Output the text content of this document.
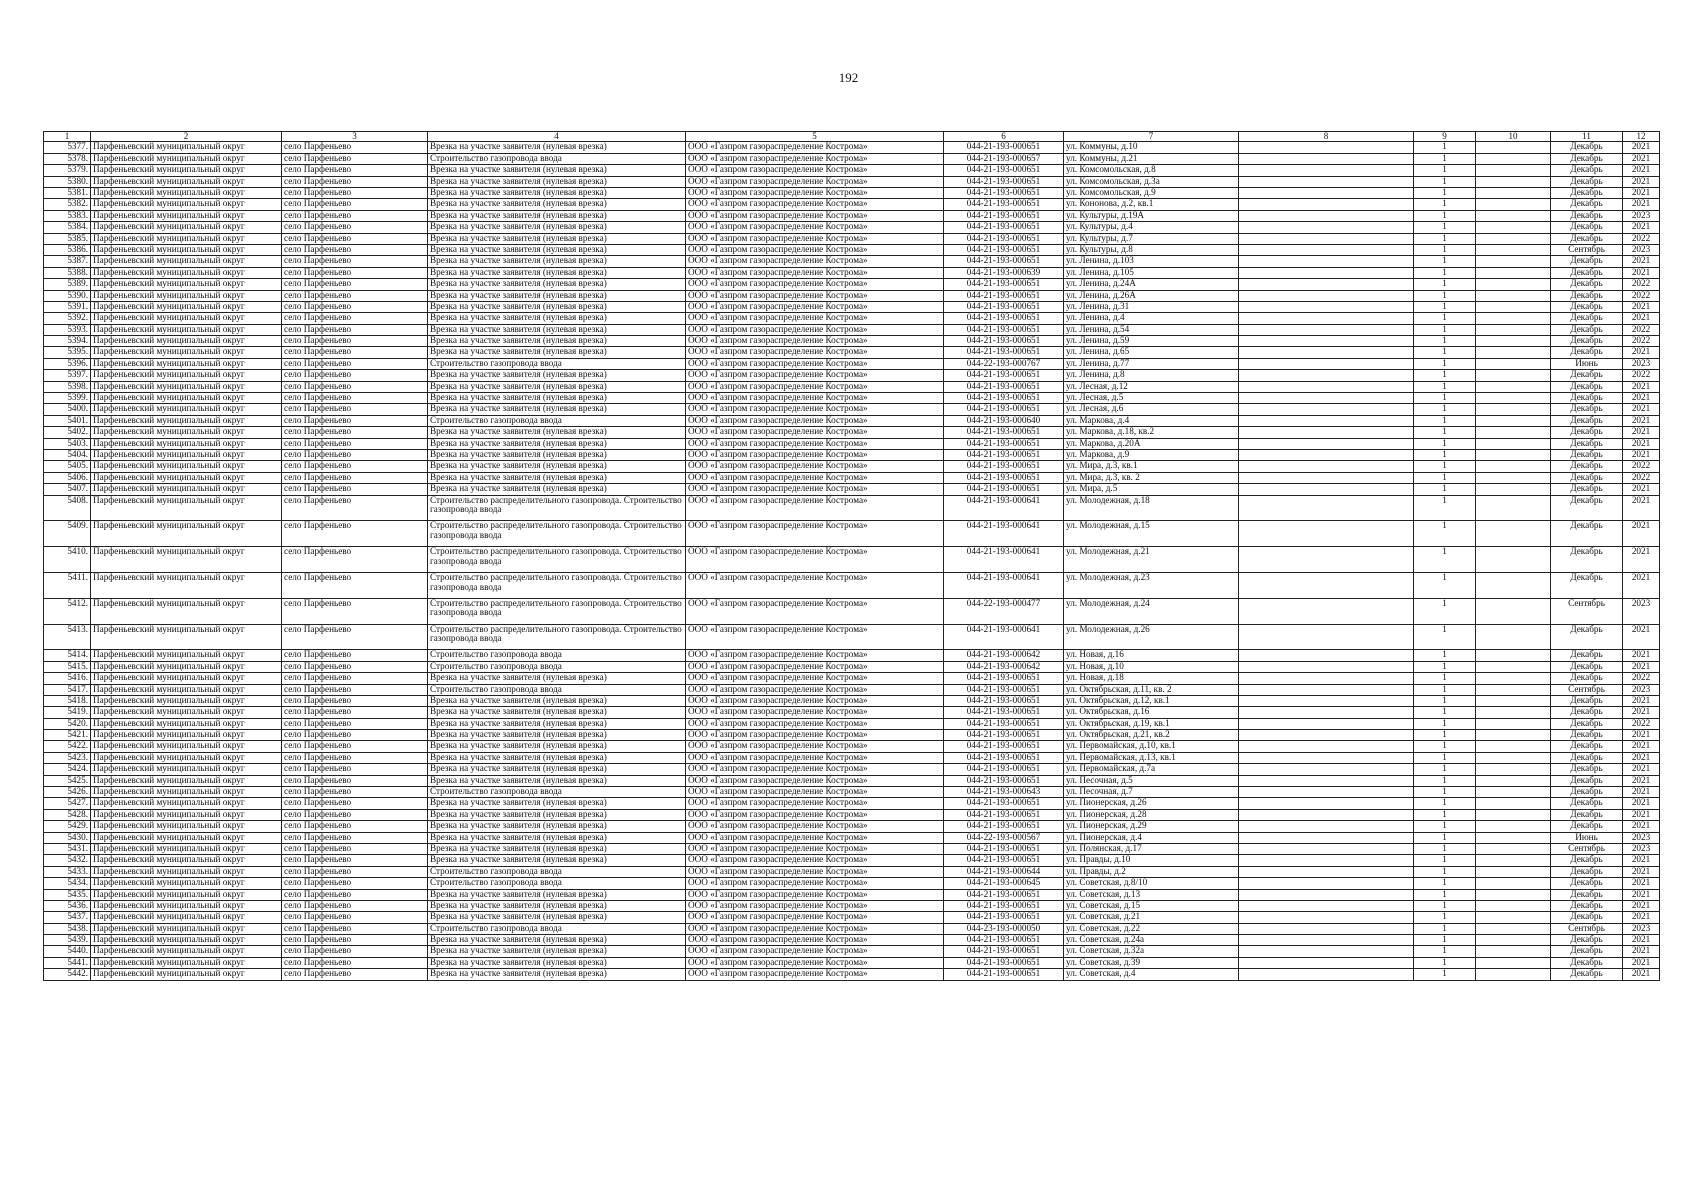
192
1	2	3	4	5	6	7	8	9	10	11	12
5377.	Парфеньевский муниципальный округ	село Парфеньево	Врезка на участке заявителя (нулевая врезка)	ООО «Газпром газораспределение Кострома»	044-21-193-000651	ул. Коммуны, д.10		1		Декабрь	2021
5378.	Парфеньевский муниципальный округ	село Парфеньево	Строительство газопровода ввода	ООО «Газпром газораспределение Кострома»	044-21-193-000657	ул. Коммуны, д.21		1		Декабрь	2021
5379.	Парфеньевский муниципальный округ	село Парфеньево	Врезка на участке заявителя (нулевая врезка)	ООО «Газпром газораспределение Кострома»	044-21-193-000651	ул. Комсомольская, д.8		1		Декабрь	2021
5380.	Парфеньевский муниципальный округ	село Парфеньево	Врезка на участке заявителя (нулевая врезка)	ООО «Газпром газораспределение Кострома»	044-21-193-000651	ул. Комсомольская, д.3а		1		Декабрь	2021
5381.	Парфеньевский муниципальный округ	село Парфеньево	Врезка на участке заявителя (нулевая врезка)	ООО «Газпром газораспределение Кострома»	044-21-193-000651	ул. Комсомольская, д.9		1		Декабрь	2021
5382.	Парфеньевский муниципальный округ	село Парфеньево	Врезка на участке заявителя (нулевая врезка)	ООО «Газпром газораспределение Кострома»	044-21-193-000651	ул. Кононова, д.2, кв.1		1		Декабрь	2021
5383.	Парфеньевский муниципальный округ	село Парфеньево	Врезка на участке заявителя (нулевая врезка)	ООО «Газпром газораспределение Кострома»	044-21-193-000651	ул. Культуры, д.19А		1		Декабрь	2023
5384.	Парфеньевский муниципальный округ	село Парфеньево	Врезка на участке заявителя (нулевая врезка)	ООО «Газпром газораспределение Кострома»	044-21-193-000651	ул. Культуры, д.4		1		Декабрь	2021
5385.	Парфеньевский муниципальный округ	село Парфеньево	Врезка на участке заявителя (нулевая врезка)	ООО «Газпром газораспределение Кострома»	044-21-193-000651	ул. Культуры, д.7		1		Декабрь	2022
5386.	Парфеньевский муниципальный округ	село Парфеньево	Врезка на участке заявителя (нулевая врезка)	ООО «Газпром газораспределение Кострома»	044-21-193-000651	ул. Культуры, д.8		1		Сентябрь	2023
5387.	Парфеньевский муниципальный округ	село Парфеньево	Врезка на участке заявителя (нулевая врезка)	ООО «Газпром газораспределение Кострома»	044-21-193-000651	ул. Ленина, д.103		1		Декабрь	2021
5388.	Парфеньевский муниципальный округ	село Парфеньево	Врезка на участке заявителя (нулевая врезка)	ООО «Газпром газораспределение Кострома»	044-21-193-000639	ул. Ленина, д.105		1		Декабрь	2021
5389.	Парфеньевский муниципальный округ	село Парфеньево	Врезка на участке заявителя (нулевая врезка)	ООО «Газпром газораспределение Кострома»	044-21-193-000651	ул. Ленина, д.24А		1		Декабрь	2022
5390.	Парфеньевский муниципальный округ	село Парфеньево	Врезка на участке заявителя (нулевая врезка)	ООО «Газпром газораспределение Кострома»	044-21-193-000651	ул. Ленина, д.26А		1		Декабрь	2022
5391.	Парфеньевский муниципальный округ	село Парфеньево	Врезка на участке заявителя (нулевая врезка)	ООО «Газпром газораспределение Кострома»	044-21-193-000651	ул. Ленина, д.31		1		Декабрь	2021
5392.	Парфеньевский муниципальный округ	село Парфеньево	Врезка на участке заявителя (нулевая врезка)	ООО «Газпром газораспределение Кострома»	044-21-193-000651	ул. Ленина, д.4		1		Декабрь	2021
5393.	Парфеньевский муниципальный округ	село Парфеньево	Врезка на участке заявителя (нулевая врезка)	ООО «Газпром газораспределение Кострома»	044-21-193-000651	ул. Ленина, д.54		1		Декабрь	2022
5394.	Парфеньевский муниципальный округ	село Парфеньево	Врезка на участке заявителя (нулевая врезка)	ООО «Газпром газораспределение Кострома»	044-21-193-000651	ул. Ленина, д.59		1		Декабрь	2022
5395.	Парфеньевский муниципальный округ	село Парфеньево	Врезка на участке заявителя (нулевая врезка)	ООО «Газпром газораспределение Кострома»	044-21-193-000651	ул. Ленина, д.65		1		Декабрь	2021
5396.	Парфеньевский муниципальный округ	село Парфеньево	Строительство газопровода ввода	ООО «Газпром газораспределение Кострома»	044-22-193-000767	ул. Ленина, д.77		1		Июнь	2023
5397.	Парфеньевский муниципальный округ	село Парфеньево	Врезка на участке заявителя (нулевая врезка)	ООО «Газпром газораспределение Кострома»	044-21-193-000651	ул. Ленина, д.8		1		Декабрь	2022
5398.	Парфеньевский муниципальный округ	село Парфеньево	Врезка на участке заявителя (нулевая врезка)	ООО «Газпром газораспределение Кострома»	044-21-193-000651	ул. Лесная, д.12		1		Декабрь	2021
5399.	Парфеньевский муниципальный округ	село Парфеньево	Врезка на участке заявителя (нулевая врезка)	ООО «Газпром газораспределение Кострома»	044-21-193-000651	ул. Лесная, д.5		1		Декабрь	2021
5400.	Парфеньевский муниципальный округ	село Парфеньево	Врезка на участке заявителя (нулевая врезка)	ООО «Газпром газораспределение Кострома»	044-21-193-000651	ул. Лесная, д.6		1		Декабрь	2021
5401.	Парфеньевский муниципальный округ	село Парфеньево	Строительство газопровода ввода	ООО «Газпром газораспределение Кострома»	044-21-193-000640	ул. Маркова, д.4		1		Декабрь	2021
5402.	Парфеньевский муниципальный округ	село Парфеньево	Врезка на участке заявителя (нулевая врезка)	ООО «Газпром газораспределение Кострома»	044-21-193-000651	ул. Маркова, д.18, кв.2		1		Декабрь	2021
5403.	Парфеньевский муниципальный округ	село Парфеньево	Врезка на участке заявителя (нулевая врезка)	ООО «Газпром газораспределение Кострома»	044-21-193-000651	ул. Маркова, д.20А		1		Декабрь	2021
5404.	Парфеньевский муниципальный округ	село Парфеньево	Врезка на участке заявителя (нулевая врезка)	ООО «Газпром газораспределение Кострома»	044-21-193-000651	ул. Маркова, д.9		1		Декабрь	2021
5405.	Парфеньевский муниципальный округ	село Парфеньево	Врезка на участке заявителя (нулевая врезка)	ООО «Газпром газораспределение Кострома»	044-21-193-000651	ул. Мира, д.3, кв.1		1		Декабрь	2022
5406.	Парфеньевский муниципальный округ	село Парфеньево	Врезка на участке заявителя (нулевая врезка)	ООО «Газпром газораспределение Кострома»	044-21-193-000651	ул. Мира, д.3, кв. 2		1		Декабрь	2022
5407.	Парфеньевский муниципальный округ	село Парфеньево	Врезка на участке заявителя (нулевая врезка)	ООО «Газпром газораспределение Кострома»	044-21-193-000651	ул. Мира, д.5		1		Декабрь	2021
5408.	Парфеньевский муниципальный округ	село Парфеньево	Строительство распределительного газопровода. Строительство газопровода ввода	ООО «Газпром газораспределение Кострома»	044-21-193-000641	ул. Молодежная, д.18		1		Декабрь	2021
5409.	Парфеньевский муниципальный округ	село Парфеньево	Строительство распределительного газопровода. Строительство газопровода ввода	ООО «Газпром газораспределение Кострома»	044-21-193-000641	ул. Молодежная, д.15		1		Декабрь	2021
5410.	Парфеньевский муниципальный округ	село Парфеньево	Строительство распределительного газопровода. Строительство газопровода ввода	ООО «Газпром газораспределение Кострома»	044-21-193-000641	ул. Молодежная, д.21		1		Декабрь	2021
5411.	Парфеньевский муниципальный округ	село Парфеньево	Строительство распределительного газопровода. Строительство газопровода ввода	ООО «Газпром газораспределение Кострома»	044-21-193-000641	ул. Молодежная, д.23		1		Декабрь	2021
5412.	Парфеньевский муниципальный округ	село Парфеньево	Строительство распределительного газопровода. Строительство газопровода ввода	ООО «Газпром газораспределение Кострома»	044-22-193-000477	ул. Молодежная, д.24		1		Сентябрь	2023
5413.	Парфеньевский муниципальный округ	село Парфеньево	Строительство распределительного газопровода. Строительство газопровода ввода	ООО «Газпром газораспределение Кострома»	044-21-193-000641	ул. Молодежная, д.26		1		Декабрь	2021
5414.	Парфеньевский муниципальный округ	село Парфеньево	Строительство газопровода ввода	ООО «Газпром газораспределение Кострома»	044-21-193-000642	ул. Новая, д.16		1		Декабрь	2021
5415.	Парфеньевский муниципальный округ	село Парфеньево	Строительство газопровода ввода	ООО «Газпром газораспределение Кострома»	044-21-193-000642	ул. Новая, д.10		1		Декабрь	2021
5416.	Парфеньевский муниципальный округ	село Парфеньево	Врезка на участке заявителя (нулевая врезка)	ООО «Газпром газораспределение Кострома»	044-21-193-000651	ул. Новая, д.18		1		Декабрь	2022
5417.	Парфеньевский муниципальный округ	село Парфеньево	Строительство газопровода ввода	ООО «Газпром газораспределение Кострома»	044-21-193-000651	ул. Октябрьская, д.11, кв. 2		1		Сентябрь	2023
5418.	Парфеньевский муниципальный округ	село Парфеньево	Врезка на участке заявителя (нулевая врезка)	ООО «Газпром газораспределение Кострома»	044-21-193-000651	ул. Октябрьская, д.12, кв.1		1		Декабрь	2021
5419.	Парфеньевский муниципальный округ	село Парфеньево	Врезка на участке заявителя (нулевая врезка)	ООО «Газпром газораспределение Кострома»	044-21-193-000651	ул. Октябрьская, д.16		1		Декабрь	2021
5420.	Парфеньевский муниципальный округ	село Парфеньево	Врезка на участке заявителя (нулевая врезка)	ООО «Газпром газораспределение Кострома»	044-21-193-000651	ул. Октябрьская, д.19, кв.1		1		Декабрь	2022
5421.	Парфеньевский муниципальный округ	село Парфеньево	Врезка на участке заявителя (нулевая врезка)	ООО «Газпром газораспределение Кострома»	044-21-193-000651	ул. Октябрьская, д.21, кв.2		1		Декабрь	2021
5422.	Парфеньевский муниципальный округ	село Парфеньево	Врезка на участке заявителя (нулевая врезка)	ООО «Газпром газораспределение Кострома»	044-21-193-000651	ул. Первомайская, д.10, кв.1		1		Декабрь	2021
5423.	Парфеньевский муниципальный округ	село Парфеньево	Врезка на участке заявителя (нулевая врезка)	ООО «Газпром газораспределение Кострома»	044-21-193-000651	ул. Первомайская, д.13, кв.1		1		Декабрь	2021
5424.	Парфеньевский муниципальный округ	село Парфеньево	Врезка на участке заявителя (нулевая врезка)	ООО «Газпром газораспределение Кострома»	044-21-193-000651	ул. Первомайская, д.7а		1		Декабрь	2021
5425.	Парфеньевский муниципальный округ	село Парфеньево	Врезка на участке заявителя (нулевая врезка)	ООО «Газпром газораспределение Кострома»	044-21-193-000651	ул. Песочная, д.5		1		Декабрь	2021
5426.	Парфеньевский муниципальный округ	село Парфеньево	Строительство газопровода ввода	ООО «Газпром газораспределение Кострома»	044-21-193-000643	ул. Песочная, д.7		1		Декабрь	2021
5427.	Парфеньевский муниципальный округ	село Парфеньево	Врезка на участке заявителя (нулевая врезка)	ООО «Газпром газораспределение Кострома»	044-21-193-000651	ул. Пионерская, д.26		1		Декабрь	2021
5428.	Парфеньевский муниципальный округ	село Парфеньево	Врезка на участке заявителя (нулевая врезка)	ООО «Газпром газораспределение Кострома»	044-21-193-000651	ул. Пионерская, д.28		1		Декабрь	2021
5429.	Парфеньевский муниципальный округ	село Парфеньево	Врезка на участке заявителя (нулевая врезка)	ООО «Газпром газораспределение Кострома»	044-21-193-000651	ул. Пионерская, д.29		1		Декабрь	2021
5430.	Парфеньевский муниципальный округ	село Парфеньево	Врезка на участке заявителя (нулевая врезка)	ООО «Газпром газораспределение Кострома»	044-22-193-000567	ул. Пионерская, д.4		1		Июнь	2023
5431.	Парфеньевский муниципальный округ	село Парфеньево	Врезка на участке заявителя (нулевая врезка)	ООО «Газпром газораспределение Кострома»	044-21-193-000651	ул. Полянская, д.17		1		Сентябрь	2023
5432.	Парфеньевский муниципальный округ	село Парфеньево	Врезка на участке заявителя (нулевая врезка)	ООО «Газпром газораспределение Кострома»	044-21-193-000651	ул. Правды, д.10		1		Декабрь	2021
5433.	Парфеньевский муниципальный округ	село Парфеньево	Строительство газопровода ввода	ООО «Газпром газораспределение Кострома»	044-21-193-000644	ул. Правды, д.2		1		Декабрь	2021
5434.	Парфеньевский муниципальный округ	село Парфеньево	Строительство газопровода ввода	ООО «Газпром газораспределение Кострома»	044-21-193-000645	ул. Советская, д.8/10		1		Декабрь	2021
5435.	Парфеньевский муниципальный округ	село Парфеньево	Врезка на участке заявителя (нулевая врезка)	ООО «Газпром газораспределение Кострома»	044-21-193-000651	ул. Советская, д.13		1		Декабрь	2021
5436.	Парфеньевский муниципальный округ	село Парфеньево	Врезка на участке заявителя (нулевая врезка)	ООО «Газпром газораспределение Кострома»	044-21-193-000651	ул. Советская, д.15		1		Декабрь	2021
5437.	Парфеньевский муниципальный округ	село Парфеньево	Врезка на участке заявителя (нулевая врезка)	ООО «Газпром газораспределение Кострома»	044-21-193-000651	ул. Советская, д.21		1		Декабрь	2021
5438.	Парфеньевский муниципальный округ	село Парфеньево	Строительство газопровода ввода	ООО «Газпром газораспределение Кострома»	044-23-193-000050	ул. Советская, д.22		1		Сентябрь	2023
5439.	Парфеньевский муниципальный округ	село Парфеньево	Врезка на участке заявителя (нулевая врезка)	ООО «Газпром газораспределение Кострома»	044-21-193-000651	ул. Советская, д.24а		1		Декабрь	2021
5440.	Парфеньевский муниципальный округ	село Парфеньево	Врезка на участке заявителя (нулевая врезка)	ООО «Газпром газораспределение Кострома»	044-21-193-000651	ул. Советская, д.32а		1		Декабрь	2021
5441.	Парфеньевский муниципальный округ	село Парфеньево	Врезка на участке заявителя (нулевая врезка)	ООО «Газпром газораспределение Кострома»	044-21-193-000651	ул. Советская, д.39		1		Декабрь	2021
5442.	Парфеньевский муниципальный округ	село Парфеньево	Врезка на участке заявителя (нулевая врезка)	ООО «Газпром газораспределение Кострома»	044-21-193-000651	ул. Советская, д.4		1		Декабрь	2021
